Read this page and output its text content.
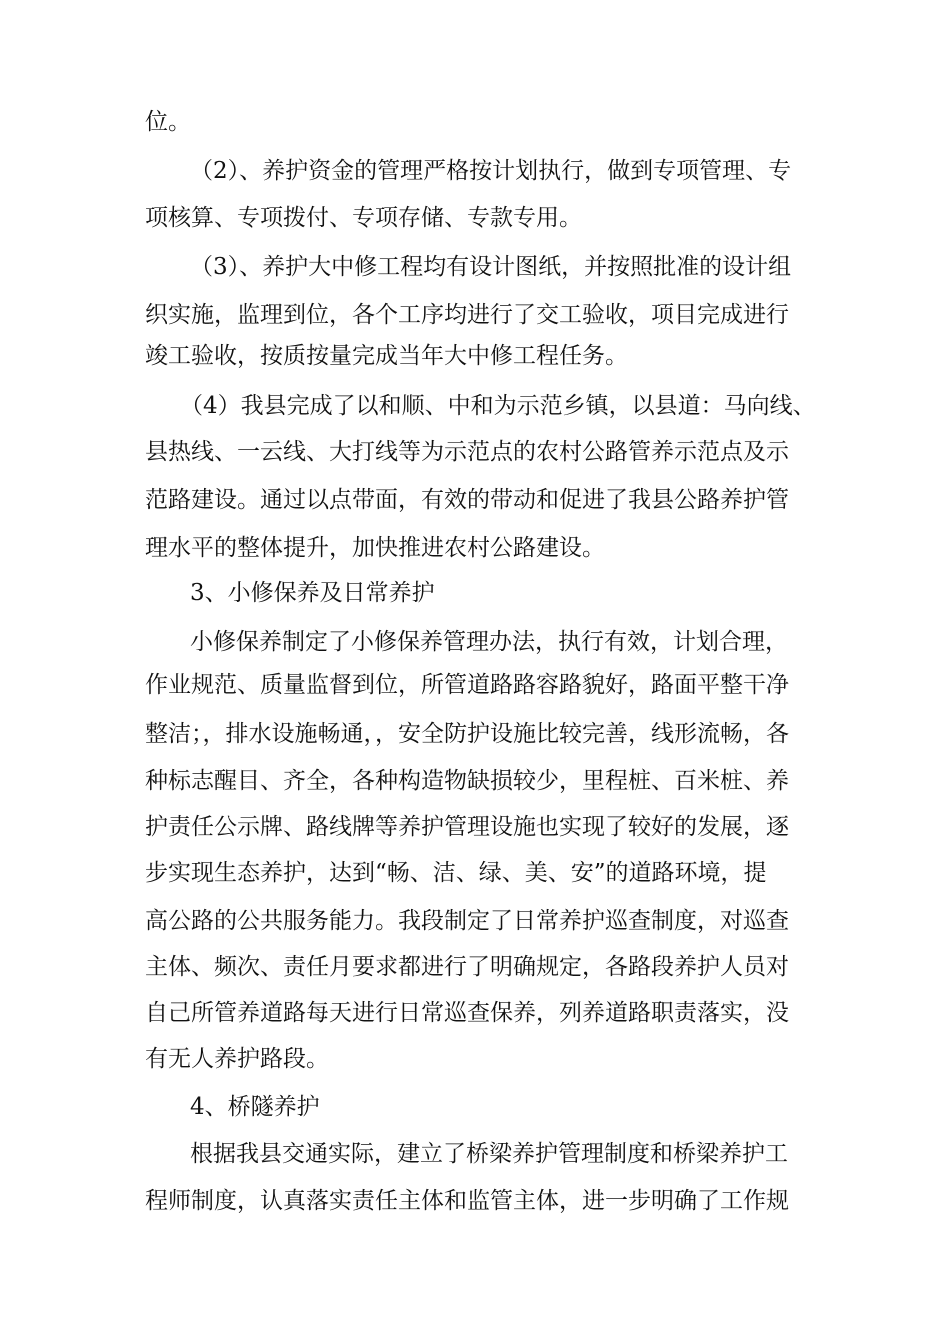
位。
（2）、养护资金的管理严格按计划执行，做到专项管理、专
项核算、专项拨付、专项存储、专款专用。
（3）、养护大中修工程均有设计图纸，并按照批准的设计组
织实施，监理到位，各个工序均进行了交工验收，项目完成进行
竣工验收，按质按量完成当年大中修工程任务。
（4）我县完成了以和顺、中和为示范乡镇，以县道：马向线、
县热线、一云线、大打线等为示范点的农村公路管养示范点及示
范路建设。通过以点带面，有效的带动和促进了我县公路养护管
理水平的整体提升，加快推进农村公路建设。
3、小修保养及日常养护
小修保养制定了小修保养管理办法，执行有效，计划合理，
作业规范、质量监督到位，所管道路路容路貌好，路面平整干净
整洁；，排水设施畅通，，安全防护设施比较完善，线形流畅，各
种标志醒目、齐全，各种构造物缺损较少，里程桩、百米桩、养
护责任公示牌、路线牌等养护管理设施也实现了较好的发展，逐
步实现生态养护，达到“畅、洁、绿、美、安”的道路环境，提
高公路的公共服务能力。我段制定了日常养护巡查制度，对巡查
主体、频次、责任月要求都进行了明确规定，各路段养护人员对
自己所管养道路每天进行日常巡查保养，列养道路职责落实，没
有无人养护路段。
4、桥隧养护
根据我县交通实际，建立了桥梁养护管理制度和桥梁养护工
程师制度，认真落实责任主体和监管主体，进一步明确了工作规
